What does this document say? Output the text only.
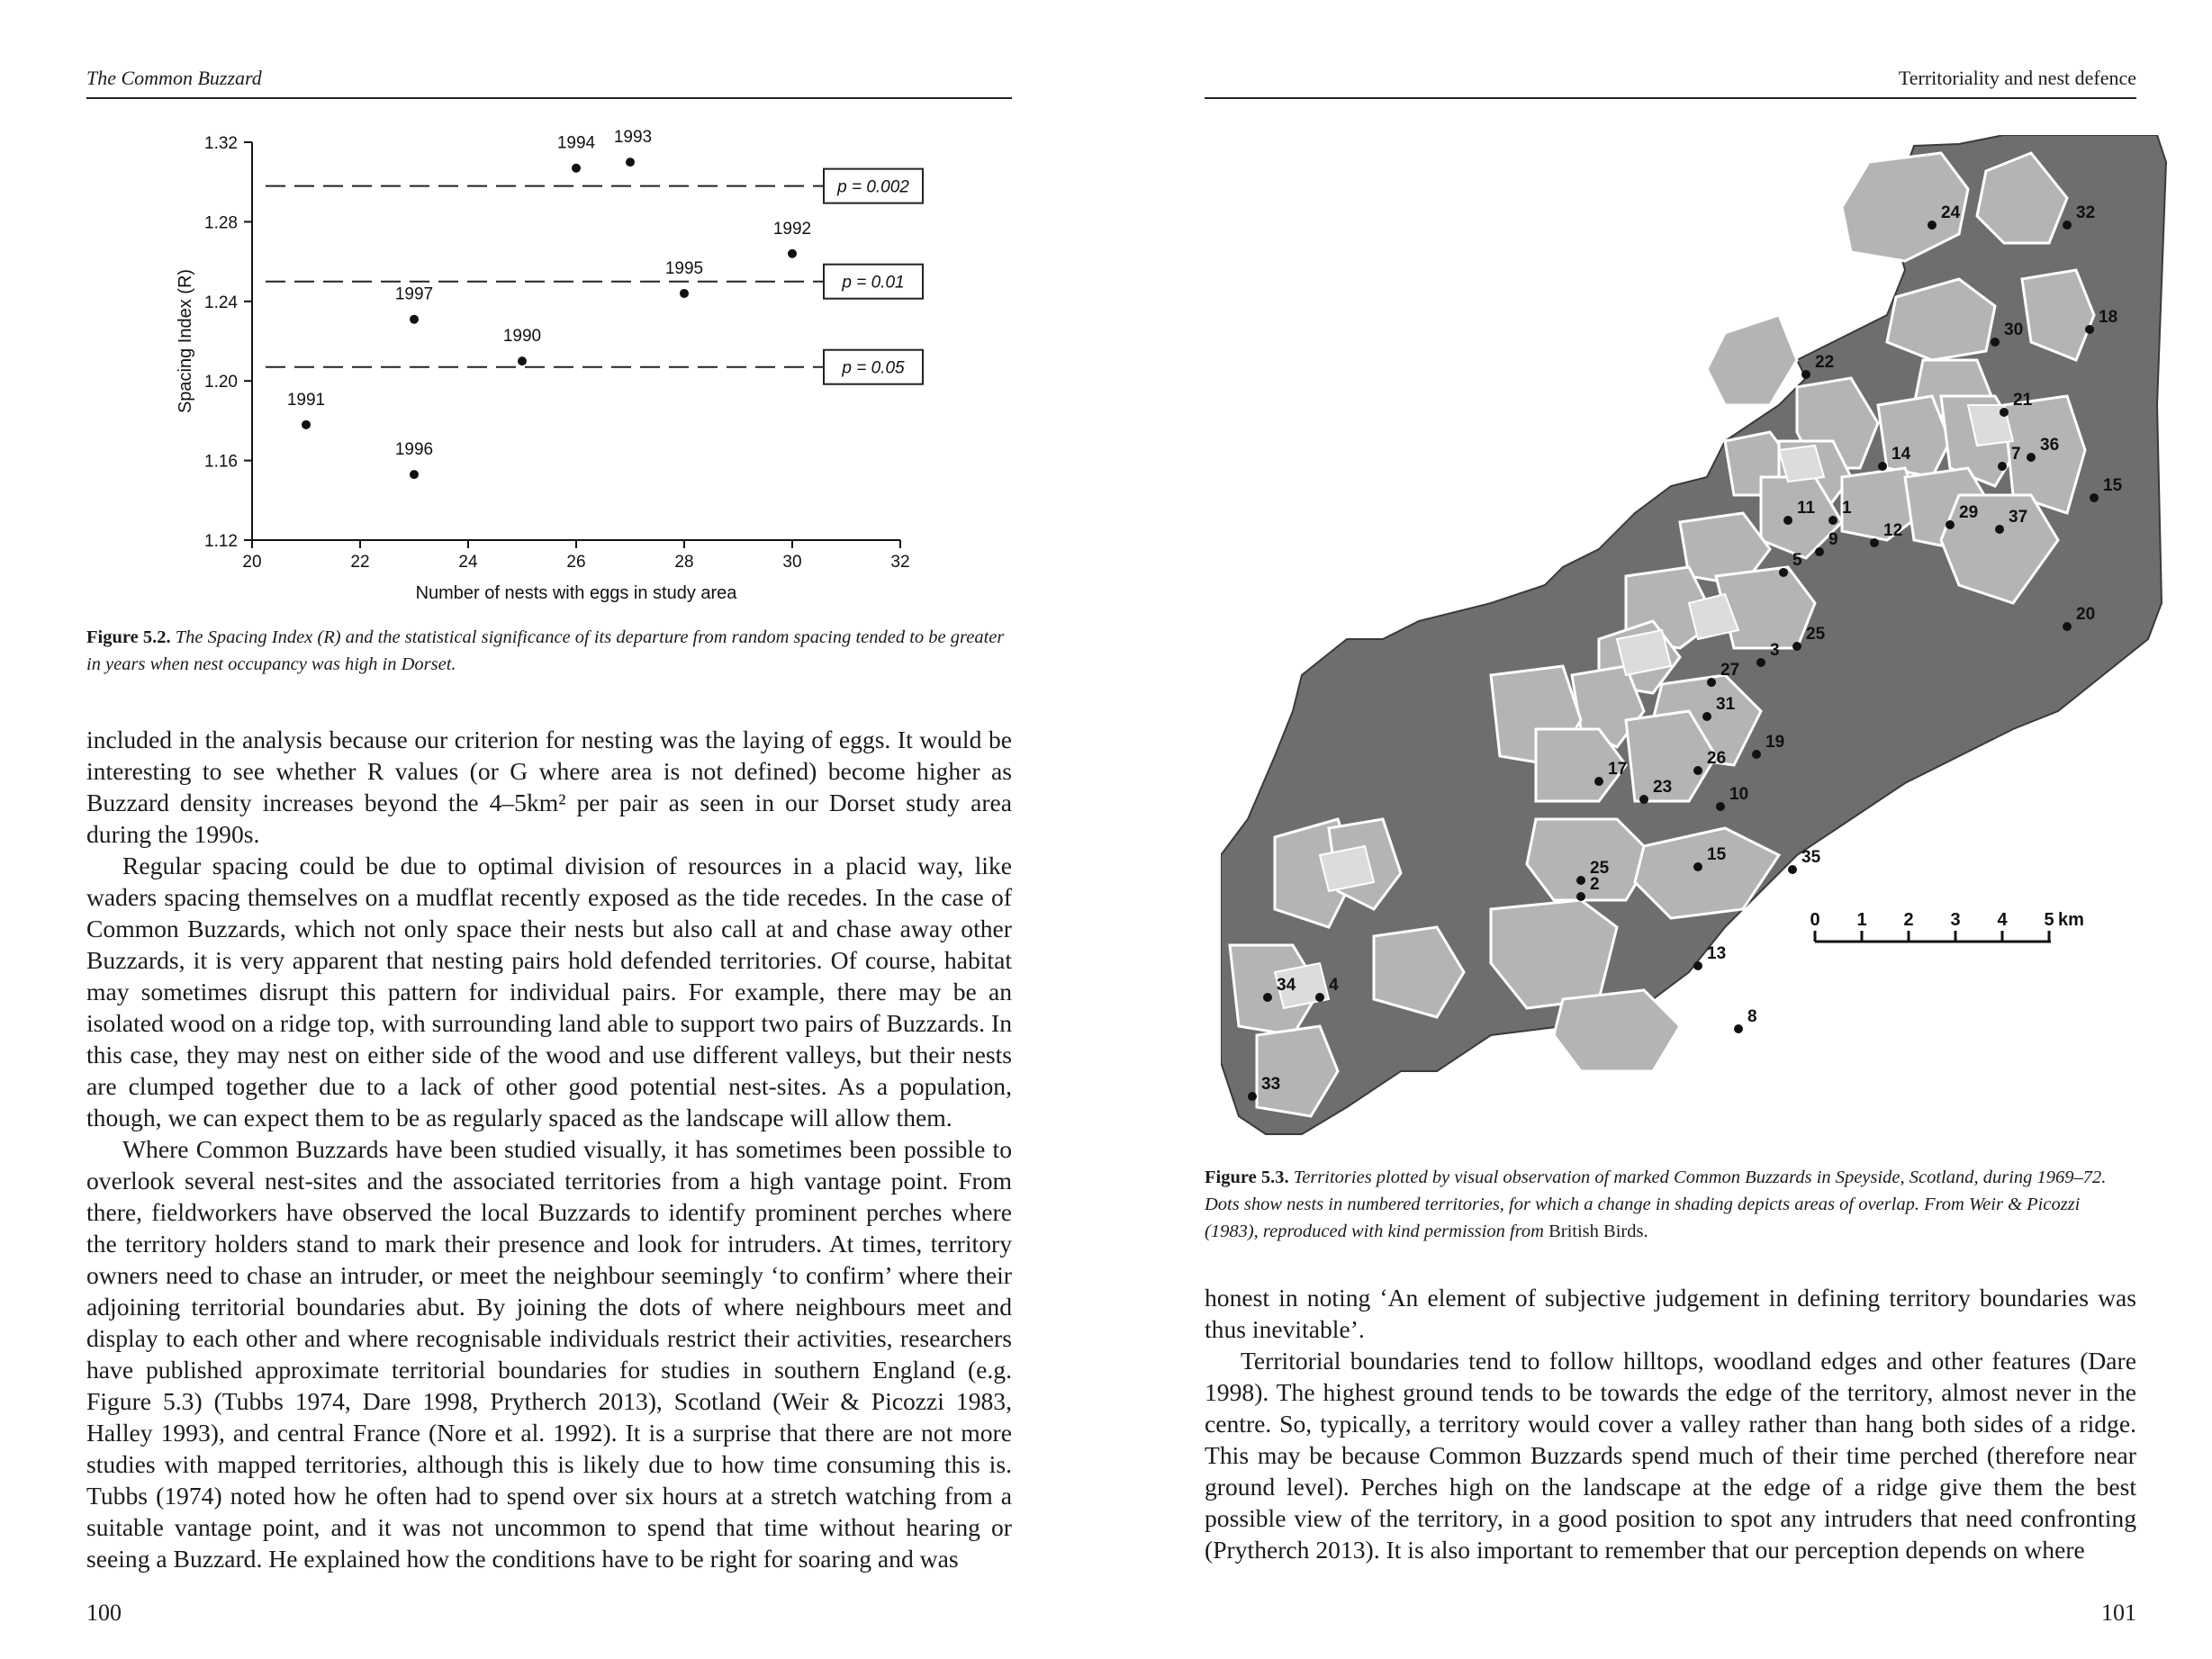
The Common Buzzard
20	22	24	26	28	30	32
1.12
1.16
1.20
1.24
1.28
1.32
Number of nests with eggs in study area
Spacing Index (R)
p = 0.002
p = 0.01
p = 0.05
1991
1996
1997
1990
1994 1993
1995
1992
Figure 5.2. The Spacing Index (R) and the statistical significance of its departure from random spacing tended to be greater in years when nest occupancy was high in Dorset.

included in the analysis because our criterion for nesting was the laying of eggs. It would be interesting to see whether R values (or G where area is not defined) become higher as Buzzard density increases beyond the 4–5km² per pair as seen in our Dorset study area during the 1990s.

Regular spacing could be due to optimal division of resources in a placid way, like waders spacing themselves on a mudflat recently exposed as the tide recedes. In the case of Common Buzzards, which not only space their nests but also call at and chase away other Buzzards, it is very apparent that nesting pairs hold defended territories. Of course, habitat may sometimes disrupt this pattern for individual pairs. For example, there may be an isolated wood on a ridge top, with surrounding land able to support two pairs of Buzzards. In this case, they may nest on either side of the wood and use different valleys, but their nests are clumped together due to a lack of other good potential nest-sites. As a population, though, we can expect them to be as regularly spaced as the landscape will allow them.

Where Common Buzzards have been studied visually, it has sometimes been possible to overlook several nest-sites and the associated territories from a high vantage point. From there, fieldworkers have observed the local Buzzards to identify prominent perches where the territory holders stand to mark their presence and look for intruders. At times, territory owners need to chase an intruder, or meet the neighbour seemingly ‘to confirm’ where their adjoining territorial boundaries abut. By joining the dots of where neighbours meet and display to each other and where recognisable individuals restrict their activities, researchers have published approximate territorial boundaries for studies in southern England (e.g. Figure 5.3) (Tubbs 1974, Dare 1998, Prytherch 2013), Scotland (Weir & Picozzi 1983, Halley 1993), and central France (Nore et al. 1992). It is a surprise that there are not more studies with mapped territories, although this is likely due to how time consuming this is. Tubbs (1974) noted how he often had to spend over six hours at a stretch watching from a suitable vantage point, and it was not uncommon to spend that time without hearing or seeing a Buzzard. He explained how the conditions have to be right for soaring and was

100
Territoriality and nest defence
0 1 2 3 4 5 km
24	32
18
30
22
21
14	7 36
15
11 1	37
29
12
9
5
20
25
3
27
31
19
26
17
23	10
15	35
25
2
13
34 4
8
33
Figure 5.3. Territories plotted by visual observation of marked Common Buzzards in Speyside, Scotland, during 1969–72. Dots show nests in numbered territories, for which a change in shading depicts areas of overlap. From Weir & Picozzi (1983), reproduced with kind permission from British Birds.

honest in noting ‘An element of subjective judgement in defining territory boundaries was thus inevitable’.

Territorial boundaries tend to follow hilltops, woodland edges and other features (Dare 1998). The highest ground tends to be towards the edge of the territory, almost never in the centre. So, typically, a territory would cover a valley rather than hang both sides of a ridge. This may be because Common Buzzards spend much of their time perched (therefore near ground level). Perches high on the landscape at the edge of a ridge give them the best possible view of the territory, in a good position to spot any intruders that need confronting (Prytherch 2013). It is also important to remember that our perception depends on where

101
